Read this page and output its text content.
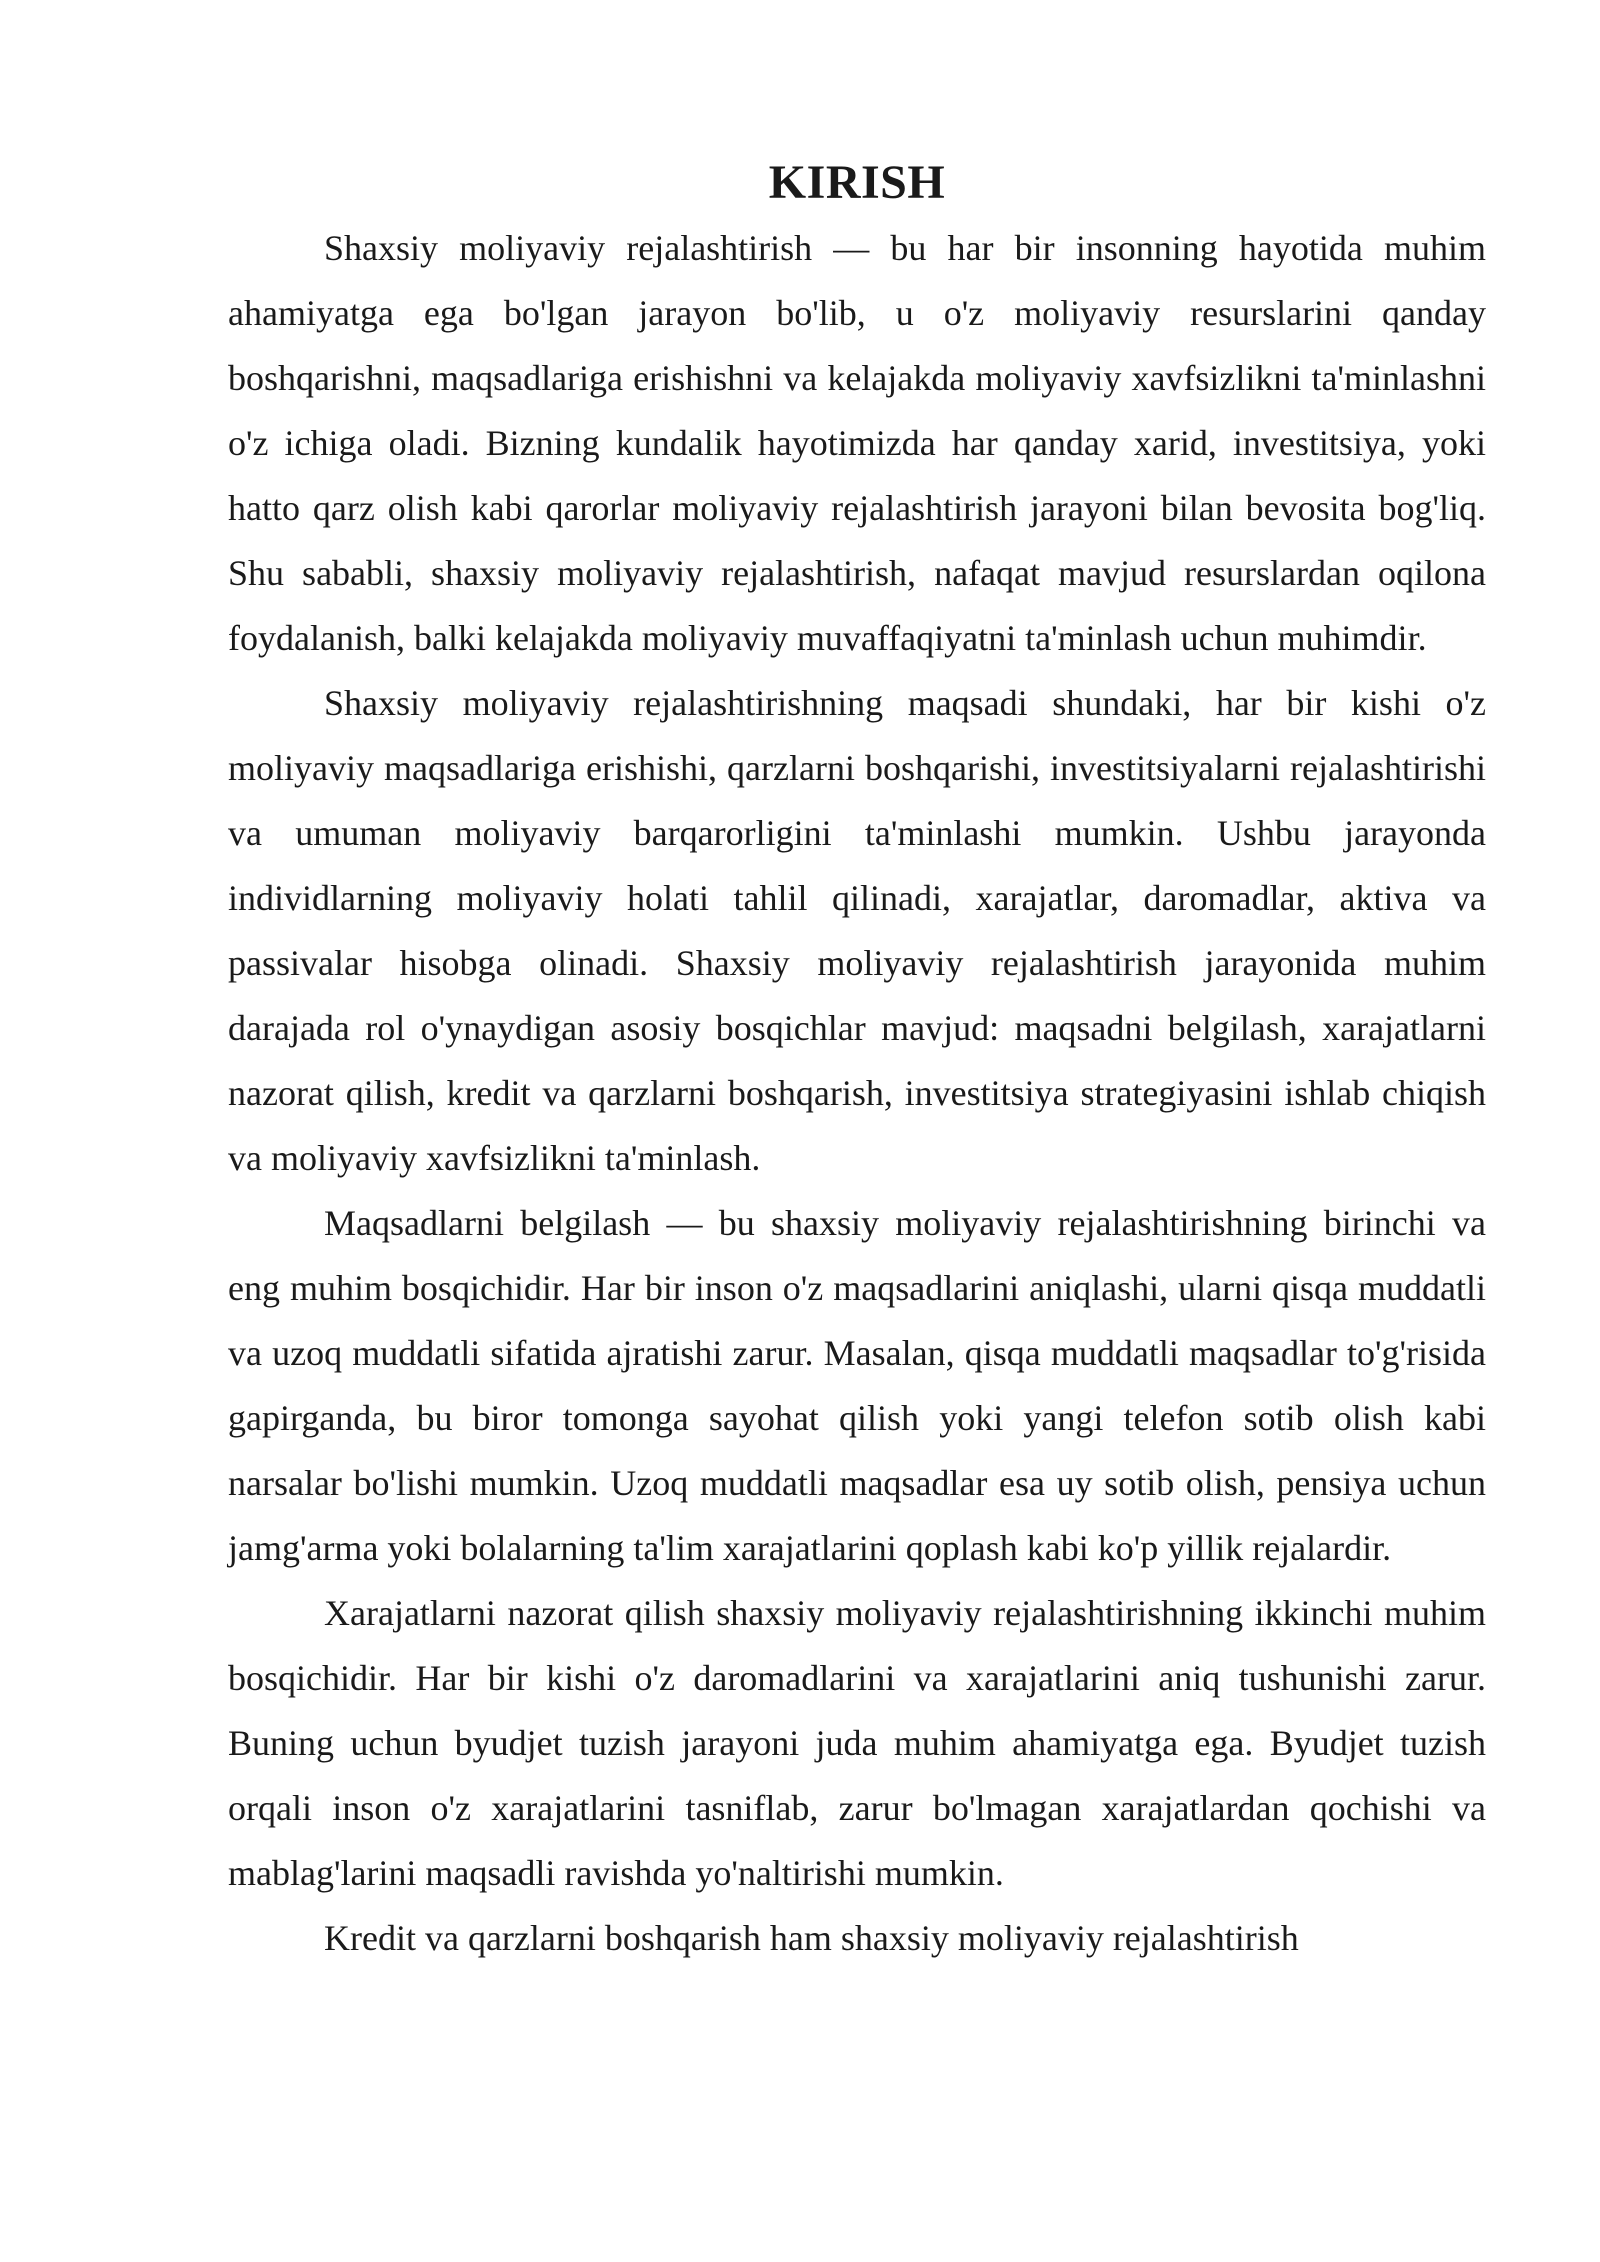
KIRISH

Shaxsiy moliyaviy rejalashtirish — bu har bir insonning hayotida muhim ahamiyatga ega bo'lgan jarayon bo'lib, u o'z moliyaviy resurslarini qanday boshqarishni, maqsadlariga erishishni va kelajakda moliyaviy xavfsizlikni ta'minlashni o'z ichiga oladi. Bizning kundalik hayotimizda har qanday xarid, investitsiya, yoki hatto qarz olish kabi qarorlar moliyaviy rejalashtirish jarayoni bilan bevosita bog'liq. Shu sababli, shaxsiy moliyaviy rejalashtirish, nafaqat mavjud resurslardan oqilona foydalanish, balki kelajakda moliyaviy muvaffaqiyatni ta'minlash uchun muhimdir.

Shaxsiy moliyaviy rejalashtirishning maqsadi shundaki, har bir kishi o'z moliyaviy maqsadlariga erishishi, qarzlarni boshqarishi, investitsiyalarni rejalashtirishi va umuman moliyaviy barqarorligini ta'minlashi mumkin. Ushbu jarayonda individlarning moliyaviy holati tahlil qilinadi, xarajatlar, daromadlar, aktiva va passivalar hisobga olinadi. Shaxsiy moliyaviy rejalashtirish jarayonida muhim darajada rol o'ynaydigan asosiy bosqichlar mavjud: maqsadni belgilash, xarajatlarni nazorat qilish, kredit va qarzlarni boshqarish, investitsiya strategiyasini ishlab chiqish va moliyaviy xavfsizlikni ta'minlash.

Maqsadlarni belgilash — bu shaxsiy moliyaviy rejalashtirishning birinchi va eng muhim bosqichidir. Har bir inson o'z maqsadlarini aniqlashi, ularni qisqa muddatli va uzoq muddatli sifatida ajratishi zarur. Masalan, qisqa muddatli maqsadlar to'g'risida gapirganda, bu biror tomonga sayohat qilish yoki yangi telefon sotib olish kabi narsalar bo'lishi mumkin. Uzoq muddatli maqsadlar esa uy sotib olish, pensiya uchun jamg'arma yoki bolalarning ta'lim xarajatlarini qoplash kabi ko'p yillik rejalardir.

Xarajatlarni nazorat qilish shaxsiy moliyaviy rejalashtirishning ikkinchi muhim bosqichidir. Har bir kishi o'z daromadlarini va xarajatlarini aniq tushunishi zarur. Buning uchun byudjet tuzish jarayoni juda muhim ahamiyatga ega. Byudjet tuzish orqali inson o'z xarajatlarini tasniflab, zarur bo'lmagan xarajatlardan qochishi va mablag'larini maqsadli ravishda yo'naltirishi mumkin.

Kredit va qarzlarni boshqarish ham shaxsiy moliyaviy rejalashtirish
